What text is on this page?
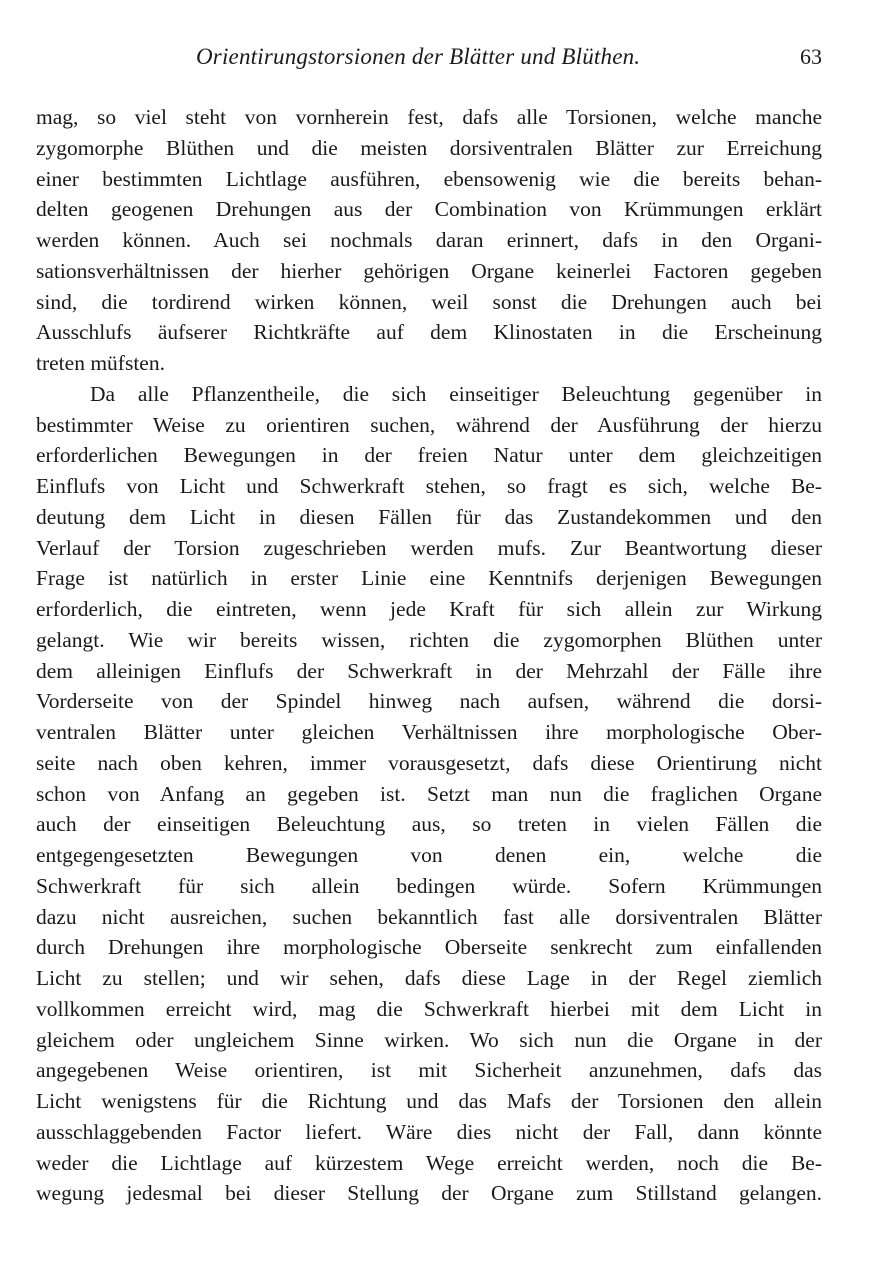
Orientirungstorsionen der Blätter und Blüthen.	63
mag, so viel steht von vornherein fest, dafs alle Torsionen, welche manche
zygomorphe Blüthen und die meisten dorsiventralen Blätter zur Erreichung
einer bestimmten Lichtlage ausführen, ebensowenig wie die bereits behan-
delten geogenen Drehungen aus der Combination von Krümmungen erklärt
werden können. Auch sei nochmals daran erinnert, dafs in den Organi-
sationsverhältnissen der hierher gehörigen Organe keinerlei Factoren gegeben
sind, die tordirend wirken können, weil sonst die Drehungen auch bei
Ausschlufs äufserer Richtkräfte auf dem Klinostaten in die Erscheinung
treten müfsten.
Da alle Pflanzentheile, die sich einseitiger Beleuchtung gegenüber in
bestimmter Weise zu orientiren suchen, während der Ausführung der hierzu
erforderlichen Bewegungen in der freien Natur unter dem gleichzeitigen
Einflufs von Licht und Schwerkraft stehen, so fragt es sich, welche Be-
deutung dem Licht in diesen Fällen für das Zustandekommen und den
Verlauf der Torsion zugeschrieben werden mufs. Zur Beantwortung dieser
Frage ist natürlich in erster Linie eine Kenntnifs derjenigen Bewegungen
erforderlich, die eintreten, wenn jede Kraft für sich allein zur Wirkung
gelangt. Wie wir bereits wissen, richten die zygomorphen Blüthen unter
dem alleinigen Einflufs der Schwerkraft in der Mehrzahl der Fälle ihre
Vorderseite von der Spindel hinweg nach aufsen, während die dorsi-
ventralen Blätter unter gleichen Verhältnissen ihre morphologische Ober-
seite nach oben kehren, immer vorausgesetzt, dafs diese Orientirung nicht
schon von Anfang an gegeben ist. Setzt man nun die fraglichen Organe
auch der einseitigen Beleuchtung aus, so treten in vielen Fällen die
entgegengesetzten Bewegungen von denen ein, welche die
Schwerkraft für sich allein bedingen würde. Sofern Krümmungen
dazu nicht ausreichen, suchen bekanntlich fast alle dorsiventralen Blätter
durch Drehungen ihre morphologische Oberseite senkrecht zum einfallenden
Licht zu stellen; und wir sehen, dafs diese Lage in der Regel ziemlich
vollkommen erreicht wird, mag die Schwerkraft hierbei mit dem Licht in
gleichem oder ungleichem Sinne wirken. Wo sich nun die Organe in der
angegebenen Weise orientiren, ist mit Sicherheit anzunehmen, dafs das
Licht wenigstens für die Richtung und das Mafs der Torsionen den allein
ausschlaggebenden Factor liefert. Wäre dies nicht der Fall, dann könnte
weder die Lichtlage auf kürzestem Wege erreicht werden, noch die Be-
wegung jedesmal bei dieser Stellung der Organe zum Stillstand gelangen.
